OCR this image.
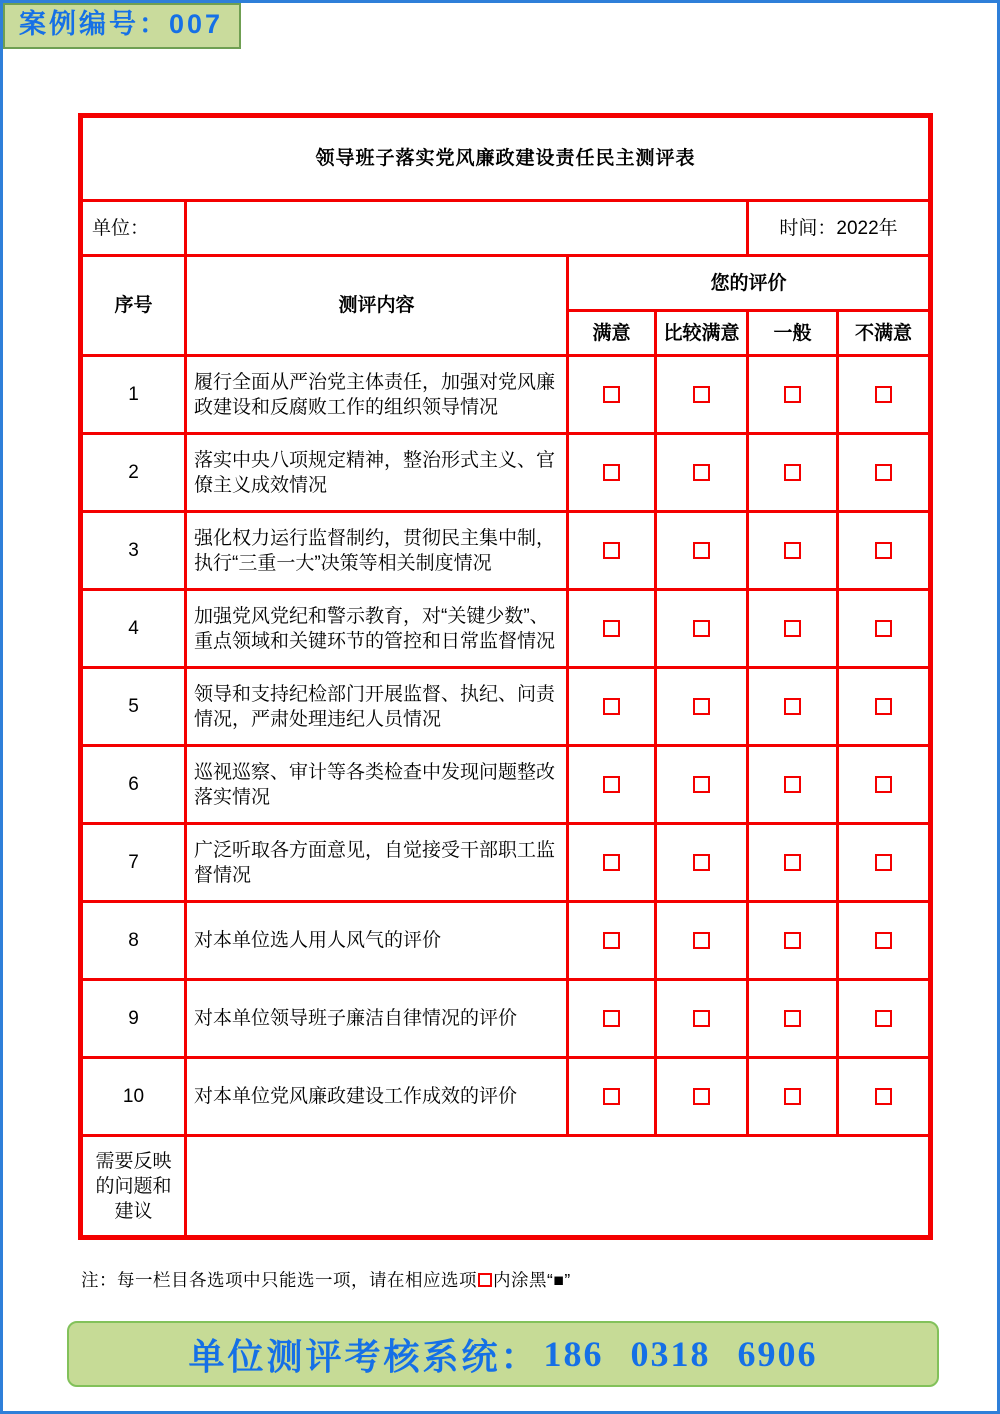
案例编号：007
领导班子落实党风廉政建设责任民主测评表					
单位：				时间：2022年	
序号	测评内容	您的评价			
		满意	比较满意	一般	不满意
1	履行全面从严治党主体责任，加强对党风廉政建设和反腐败工作的组织领导情况				
2	落实中央八项规定精神，整治形式主义、官僚主义成效情况				
3	强化权力运行监督制约，贯彻民主集中制，执行“三重一大”决策等相关制度情况				
4	加强党风党纪和警示教育，对“关键少数”、重点领域和关键环节的管控和日常监督情况				
5	领导和支持纪检部门开展监督、执纪、问责情况，严肃处理违纪人员情况				
6	巡视巡察、审计等各类检查中发现问题整改落实情况				
7	广泛听取各方面意见，自觉接受干部职工监督情况				
8	对本单位选人用人风气的评价				
9	对本单位领导班子廉洁自律情况的评价				
10	对本单位党风廉政建设工作成效的评价				
需要反映的问题和建议					
注：每一栏目各选项中只能选一项，请在相应选项 内涂黑“■”
单位测评考核系统： 186 0318 6906
